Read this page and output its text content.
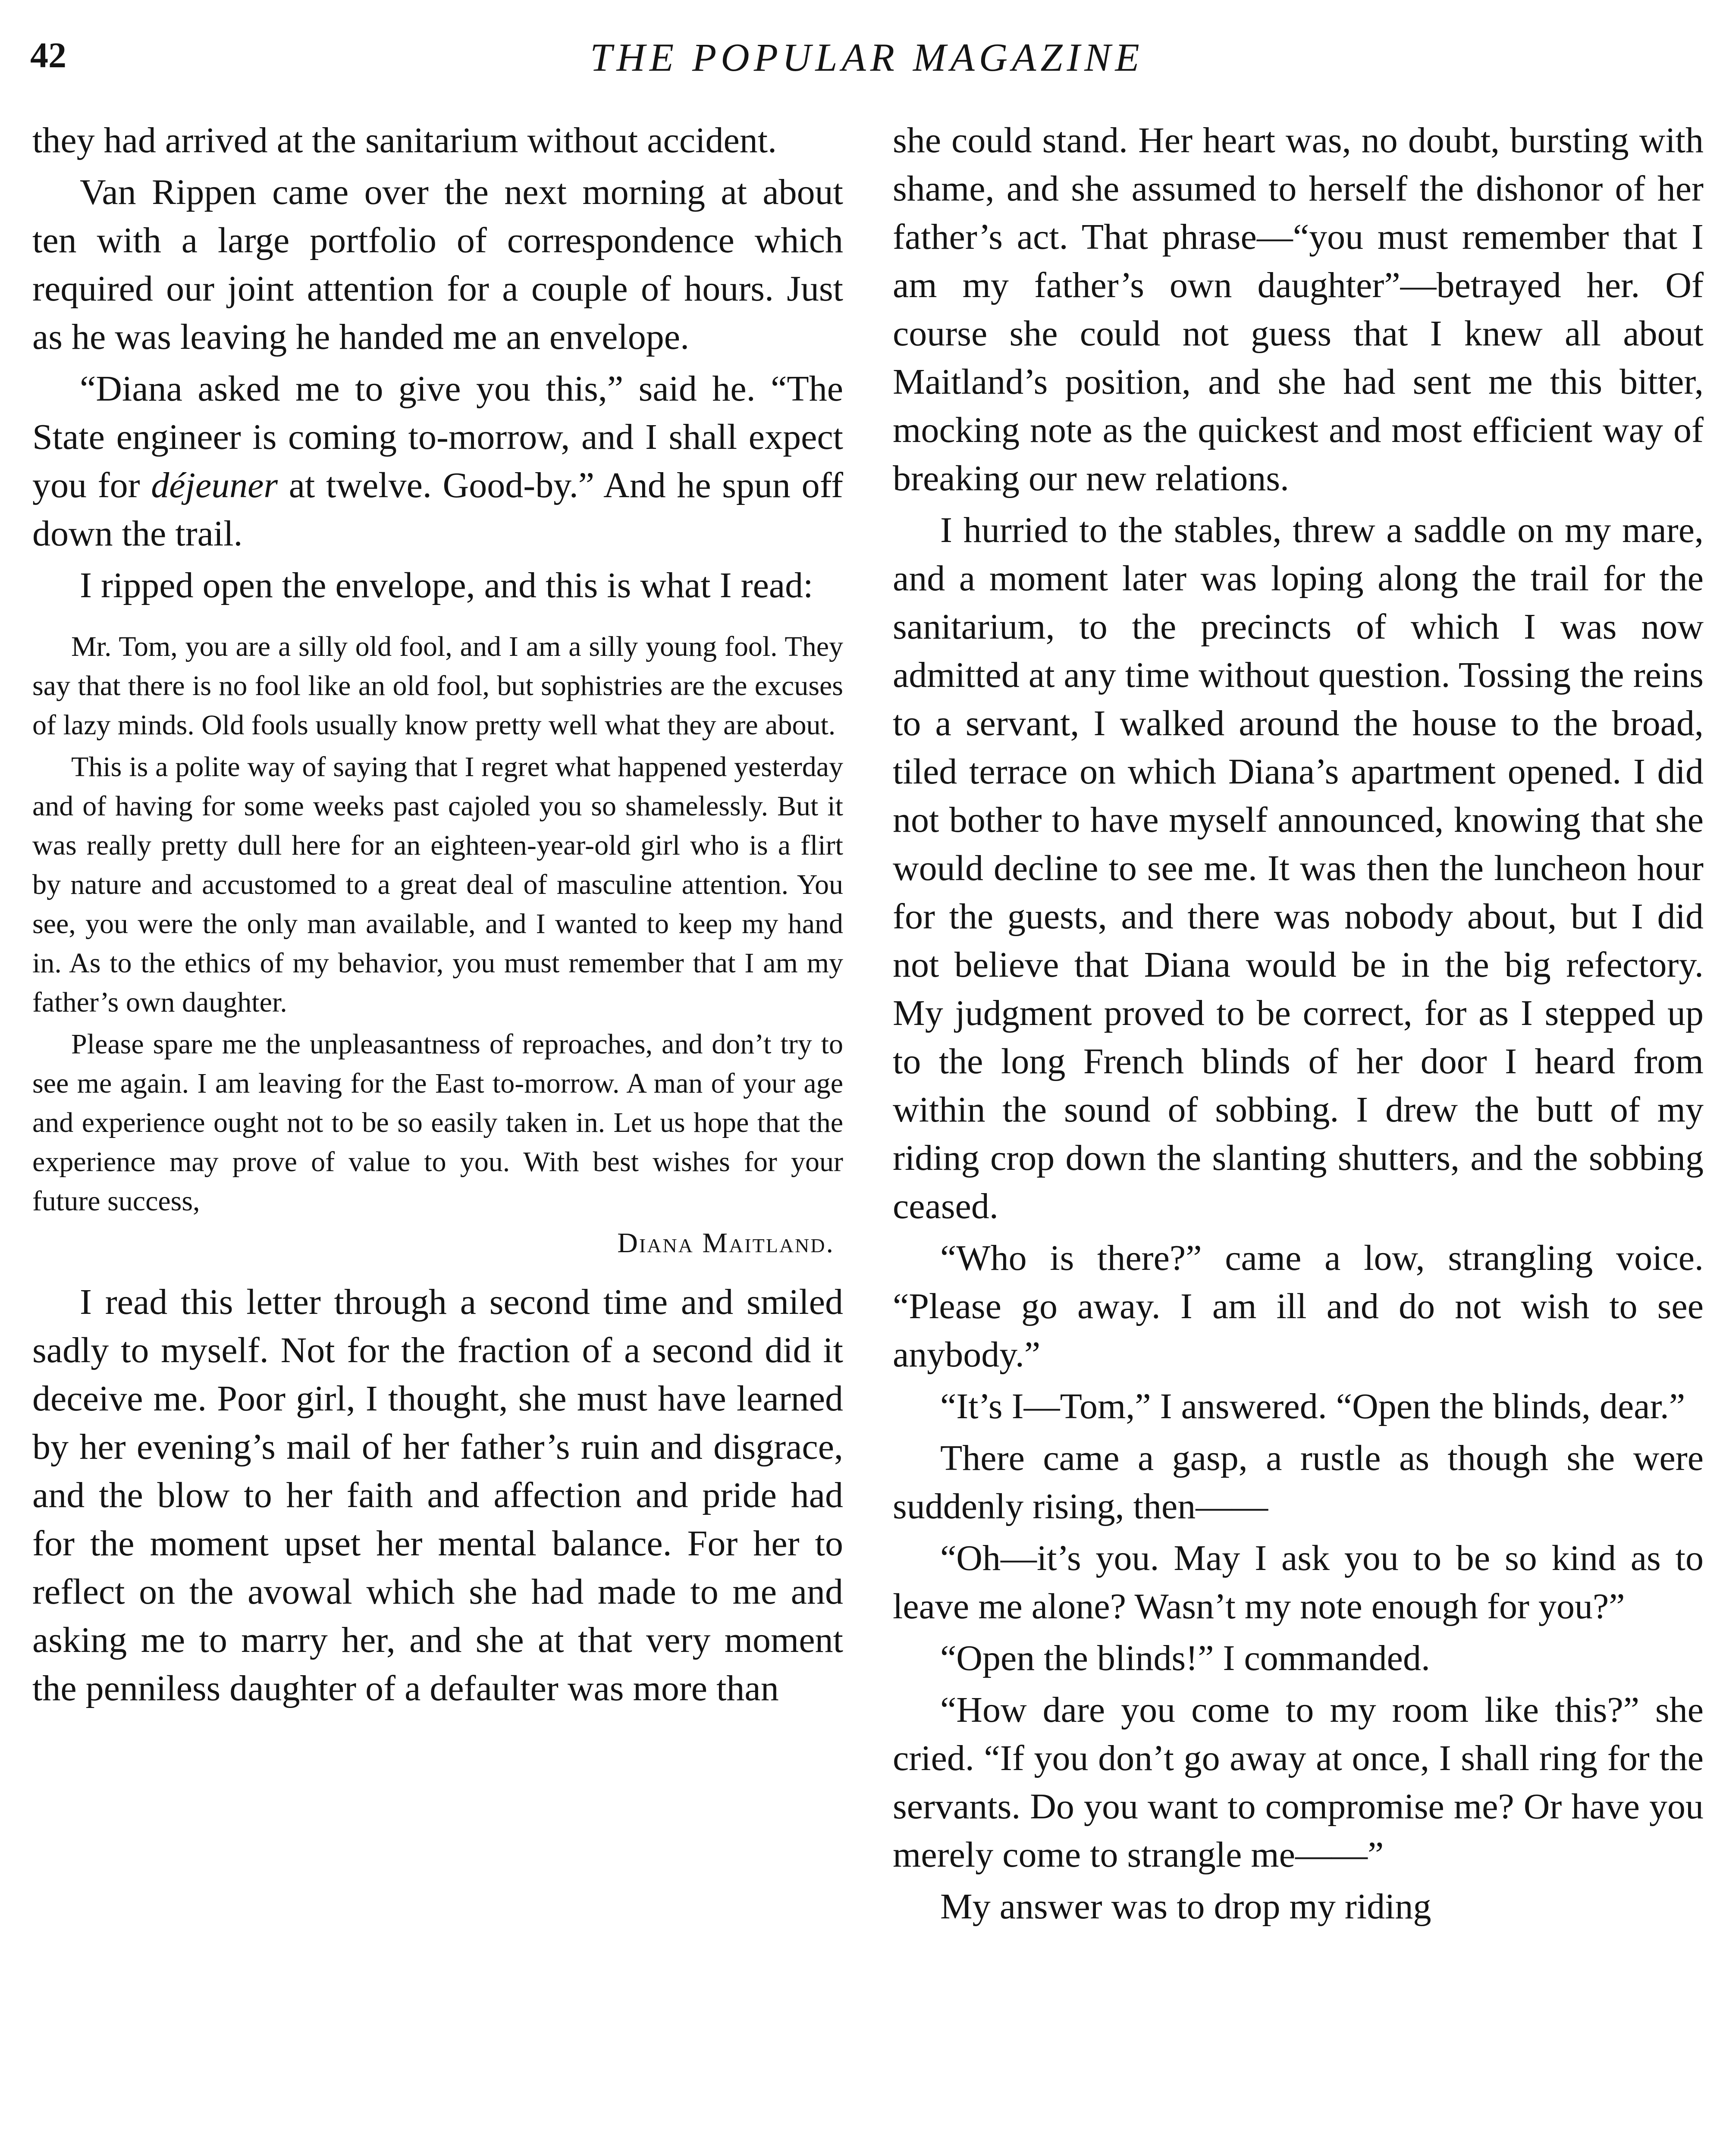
42	THE POPULAR MAGAZINE

they had arrived at the sanitarium without accident.

Van Rippen came over the next morning at about ten with a large portfolio of correspondence which required our joint attention for a couple of hours. Just as he was leaving he handed me an envelope.

“Diana asked me to give you this,” said he. “The State engineer is coming to-morrow, and I shall expect you for déjeuner at twelve. Good-by.” And he spun off down the trail.

I ripped open the envelope, and this is what I read:

Mr. Tom, you are a silly old fool, and I am a silly young fool. They say that there is no fool like an old fool, but sophistries are the excuses of lazy minds. Old fools usually know pretty well what they are about.

This is a polite way of saying that I regret what happened yesterday and of having for some weeks past cajoled you so shamelessly. But it was really pretty dull here for an eighteen-year-old girl who is a flirt by nature and accustomed to a great deal of masculine attention. You see, you were the only man available, and I wanted to keep my hand in. As to the ethics of my behavior, you must remember that I am my father’s own daughter.

Please spare me the unpleasantness of reproaches, and don’t try to see me again. I am leaving for the East to-morrow. A man of your age and experience ought not to be so easily taken in. Let us hope that the experience may prove of value to you. With best wishes for your future success,

Diana Maitland.

I read this letter through a second time and smiled sadly to myself. Not for the fraction of a second did it deceive me. Poor girl, I thought, she must have learned by her evening’s mail of her father’s ruin and disgrace, and the blow to her faith and affection and pride had for the moment upset her mental balance. For her to reflect on the avowal which she had made to me and asking me to marry her, and she at that very moment the penniless daughter of a defaulter was more than

she could stand. Her heart was, no doubt, bursting with shame, and she assumed to herself the dishonor of her father’s act. That phrase—“you must remember that I am my father’s own daughter”—betrayed her. Of course she could not guess that I knew all about Maitland’s position, and she had sent me this bitter, mocking note as the quickest and most efficient way of breaking our new relations.

I hurried to the stables, threw a saddle on my mare, and a moment later was loping along the trail for the sanitarium, to the precincts of which I was now admitted at any time without question. Tossing the reins to a servant, I walked around the house to the broad, tiled terrace on which Diana’s apartment opened. I did not bother to have myself announced, knowing that she would decline to see me. It was then the luncheon hour for the guests, and there was nobody about, but I did not believe that Diana would be in the big refectory. My judgment proved to be correct, for as I stepped up to the long French blinds of her door I heard from within the sound of sobbing. I drew the butt of my riding crop down the slanting shutters, and the sobbing ceased.

“Who is there?” came a low, strangling voice. “Please go away. I am ill and do not wish to see anybody.”

“It’s I—Tom,” I answered. “Open the blinds, dear.”

There came a gasp, a rustle as though she were suddenly rising, then——

“Oh—it’s you. May I ask you to be so kind as to leave me alone? Wasn’t my note enough for you?”

“Open the blinds!” I commanded.

“How dare you come to my room like this?” she cried. “If you don’t go away at once, I shall ring for the servants. Do you want to compromise me? Or have you merely come to strangle me——”

My answer was to drop my riding
